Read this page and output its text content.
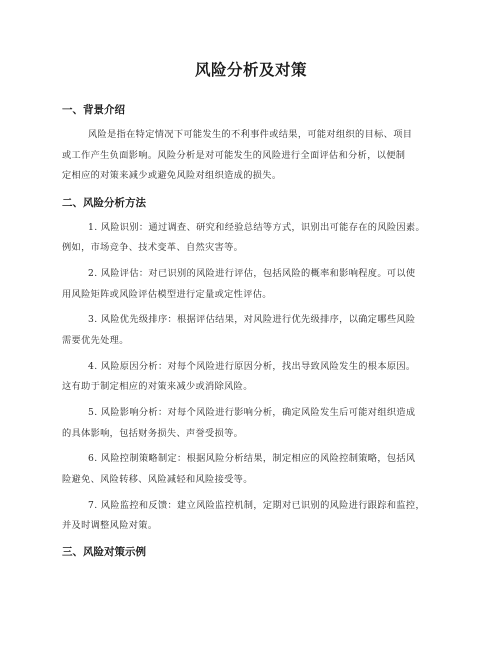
风险分析及对策
一、背景介绍
风险是指在特定情况下可能发生的不利事件或结果，可能对组织的目标、项目
或工作产生负面影响。风险分析是对可能发生的风险进行全面评估和分析，以便制
定相应的对策来减少或避免风险对组织造成的损失。
二、风险分析方法
1. 风险识别：通过调查、研究和经验总结等方式，识别出可能存在的风险因素。
例如，市场竞争、技术变革、自然灾害等。
2. 风险评估：对已识别的风险进行评估，包括风险的概率和影响程度。可以使
用风险矩阵或风险评估模型进行定量或定性评估。
3. 风险优先级排序：根据评估结果，对风险进行优先级排序，以确定哪些风险
需要优先处理。
4. 风险原因分析：对每个风险进行原因分析，找出导致风险发生的根本原因。
这有助于制定相应的对策来减少或消除风险。
5. 风险影响分析：对每个风险进行影响分析，确定风险发生后可能对组织造成
的具体影响，包括财务损失、声誉受损等。
6. 风险控制策略制定：根据风险分析结果，制定相应的风险控制策略，包括风
险避免、风险转移、风险减轻和风险接受等。
7. 风险监控和反馈：建立风险监控机制，定期对已识别的风险进行跟踪和监控，
并及时调整风险对策。
三、风险对策示例
